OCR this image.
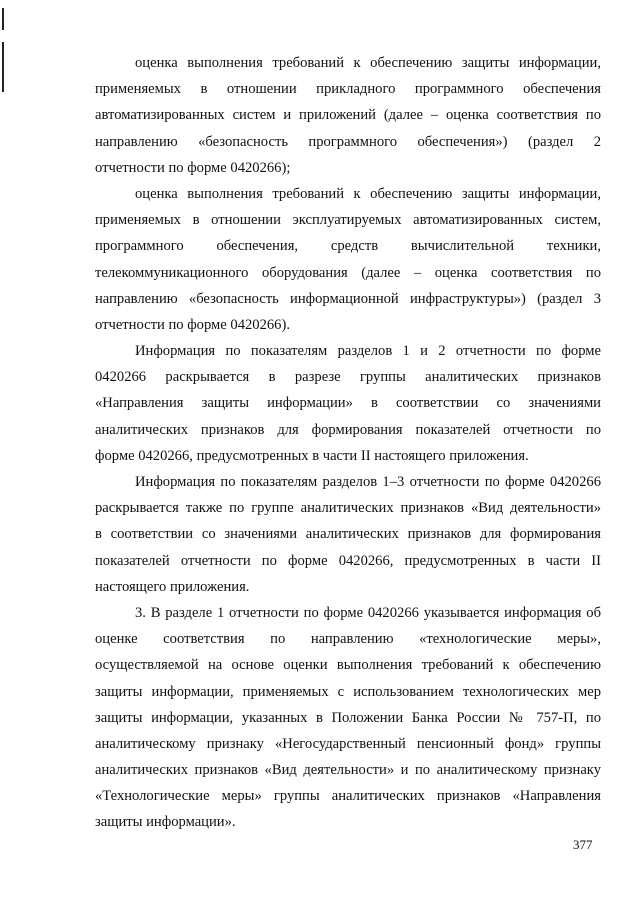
оценка выполнения требований к обеспечению защиты информации,
применяемых в отношении прикладного программного обеспечения
автоматизированных систем и приложений (далее – оценка соответствия по
направлению «безопасность программного обеспечения») (раздел 2
отчетности по форме 0420266);

оценка выполнения требований к обеспечению защиты информации,
применяемых в отношении эксплуатируемых автоматизированных систем,
программного обеспечения, средств вычислительной техники,
телекоммуникационного оборудования (далее – оценка соответствия по
направлению «безопасность информационной инфраструктуры») (раздел 3
отчетности по форме 0420266).

Информация по показателям разделов 1 и 2 отчетности по форме
0420266 раскрывается в разрезе группы аналитических признаков
«Направления защиты информации» в соответствии со значениями
аналитических признаков для формирования показателей отчетности по
форме 0420266, предусмотренных в части II настоящего приложения.

Информация по показателям разделов 1–3 отчетности по форме 0420266
раскрывается также по группе аналитических признаков «Вид деятельности»
в соответствии со значениями аналитических признаков для формирования
показателей отчетности по форме 0420266, предусмотренных в части II
настоящего приложения.

3. В разделе 1 отчетности по форме 0420266 указывается информация об
оценке соответствия по направлению «технологические меры»,
осуществляемой на основе оценки выполнения требований к обеспечению
защиты информации, применяемых с использованием технологических мер
защиты информации, указанных в Положении Банка России № 757-П, по
аналитическому признаку «Негосударственный пенсионный фонд» группы
аналитических признаков «Вид деятельности» и по аналитическому признаку
«Технологические меры» группы аналитических признаков «Направления
защиты информации».

377
